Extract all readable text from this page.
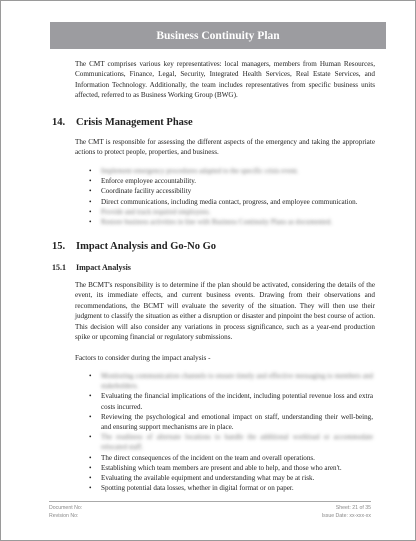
Business Continuity Plan
The CMT comprises various key representatives: local managers, members from Human Resources, Communications, Finance, Legal, Security, Integrated Health Services, Real Estate Services, and Information Technology. Additionally, the team includes representatives from specific business units affected, referred to as Business Working Group (BWG).
14. Crisis Management Phase
The CMT is responsible for assessing the different aspects of the emergency and taking the appropriate actions to protect people, properties, and business.
• Implement emergency procedures adapted to the specific crisis event.
• Enforce employee accountability.
• Coordinate facility accessibility
• Direct communications, including media contact, progress, and employee communication.
• Provide and track required employees.
• Restore business activities in line with Business Continuity Plans as documented.
15. Impact Analysis and Go-No Go
15.1 Impact Analysis
The BCMT's responsibility is to determine if the plan should be activated, considering the details of the event, its immediate effects, and current business events. Drawing from their observations and recommendations, the BCMT will evaluate the severity of the situation. They will then use their judgment to classify the situation as either a disruption or disaster and pinpoint the best course of action. This decision will also consider any variations in process significance, such as a year-end production spike or upcoming financial or regulatory submissions.
Factors to consider during the impact analysis -
• Monitoring communication channels to ensure timely and effective messaging to members and stakeholders.
• Evaluating the financial implications of the incident, including potential revenue loss and extra costs incurred.
• Reviewing the psychological and emotional impact on staff, understanding their well-being, and ensuring support mechanisms are in place.
• The readiness of alternate locations to handle the additional workload or accommodate relocated staff.
• The direct consequences of the incident on the team and overall operations.
• Establishing which team members are present and able to help, and those who aren't.
• Evaluating the available equipment and understanding what may be at risk.
• Spotting potential data losses, whether in digital format or on paper.
Document No:	Sheet: 21 of 35
Revision No:	Issue Date: xx-xxx-xx
